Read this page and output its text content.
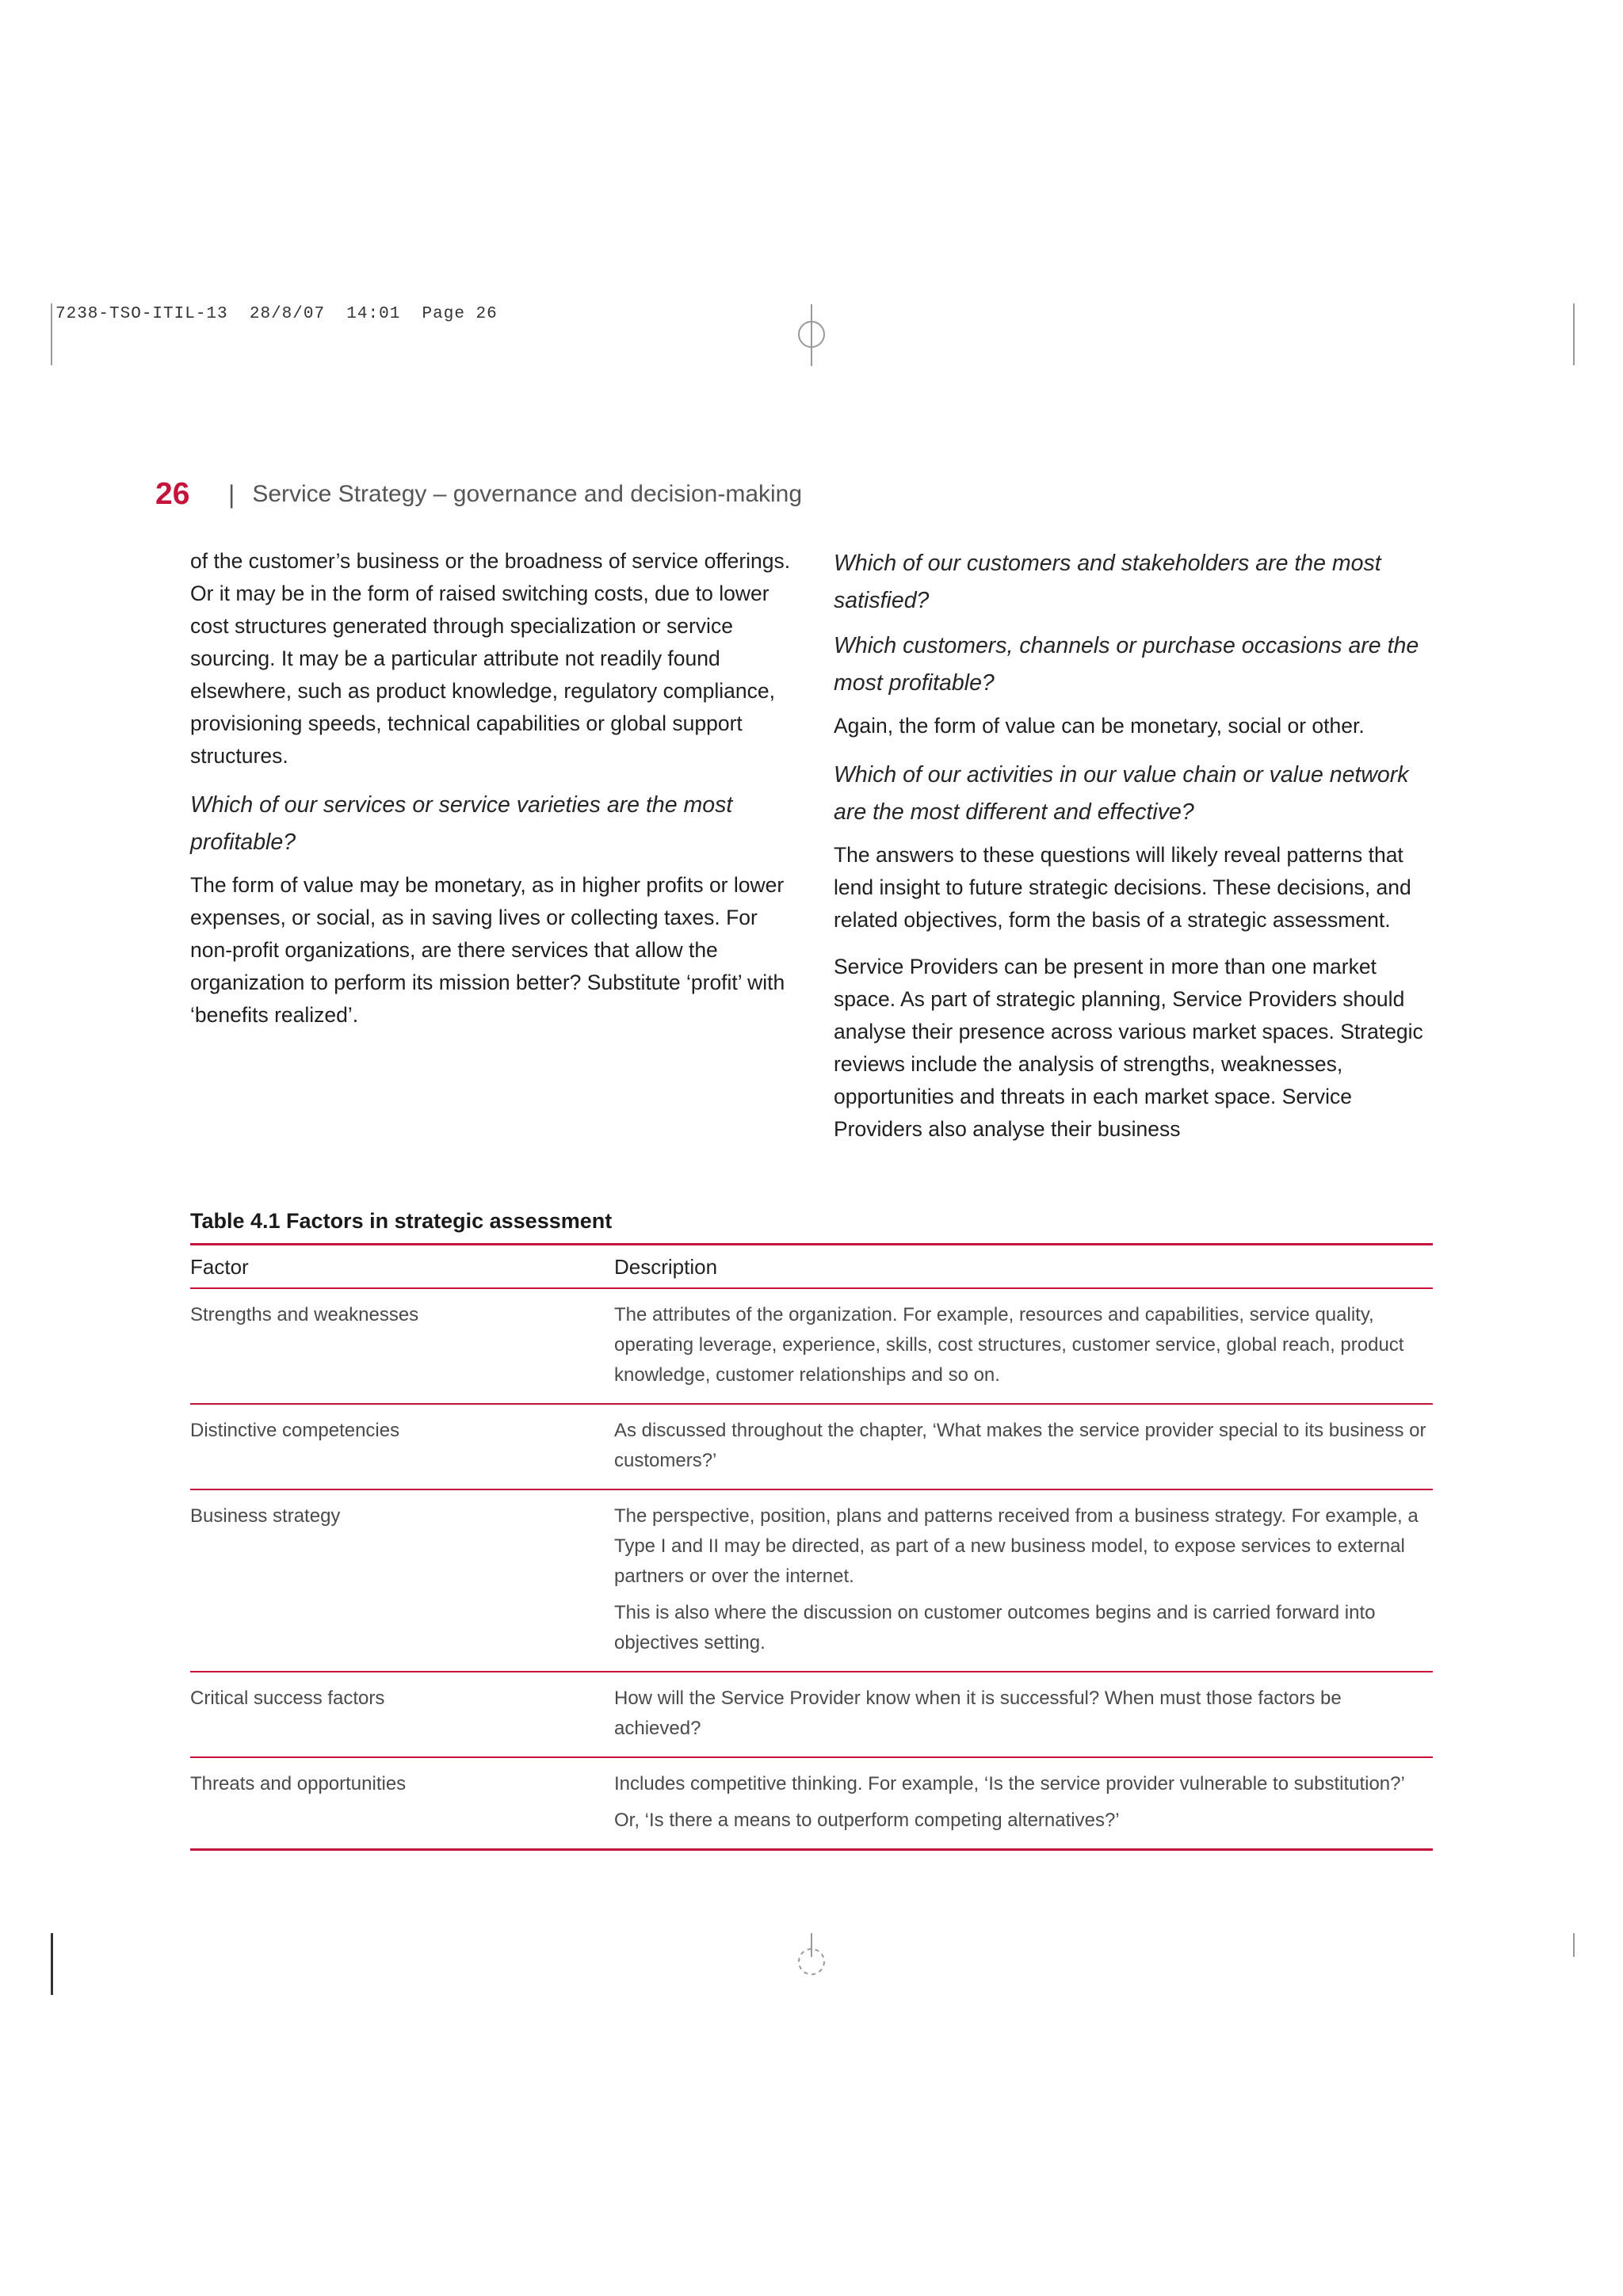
7238-TSO-ITIL-13 28/8/07 14:01 Page 26
26	| Service Strategy – governance and decision-making

of the customer’s business or the broadness of service offerings. Or it may be in the form of raised switching costs, due to lower cost structures generated through specialization or service sourcing. It may be a particular attribute not readily found elsewhere, such as product knowledge, regulatory compliance, provisioning speeds, technical capabilities or global support structures.

Which of our services or service varieties are the most profitable?

The form of value may be monetary, as in higher profits or lower expenses, or social, as in saving lives or collecting taxes. For non-profit organizations, are there services that allow the organization to perform its mission better? Substitute ‘profit’ with ‘benefits realized’.

Which of our customers and stakeholders are the most satisfied?

Which customers, channels or purchase occasions are the most profitable?

Again, the form of value can be monetary, social or other.

Which of our activities in our value chain or value network are the most different and effective?

The answers to these questions will likely reveal patterns that lend insight to future strategic decisions. These decisions, and related objectives, form the basis of a strategic assessment.

Service Providers can be present in more than one market space. As part of strategic planning, Service Providers should analyse their presence across various market spaces. Strategic reviews include the analysis of strengths, weaknesses, opportunities and threats in each market space. Service Providers also analyse their business

Table 4.1 Factors in strategic assessment
Factor	Description
Strengths and weaknesses	The attributes of the organization. For example, resources and capabilities, service quality, operating leverage, experience, skills, cost structures, customer service, global reach, product knowledge, customer relationships and so on.

Distinctive competencies	As discussed throughout the chapter, ‘What makes the service provider special to its business or customers?’

Business strategy	The perspective, position, plans and patterns received from a business strategy. For example, a Type I and II may be directed, as part of a new business model, to expose services to external partners or over the internet.
This is also where the discussion on customer outcomes begins and is carried forward into objectives setting.

Critical success factors	How will the Service Provider know when it is successful? When must those factors be achieved?

Threats and opportunities	Includes competitive thinking. For example, ‘Is the service provider vulnerable to substitution?’
Or, ‘Is there a means to outperform competing alternatives?’
